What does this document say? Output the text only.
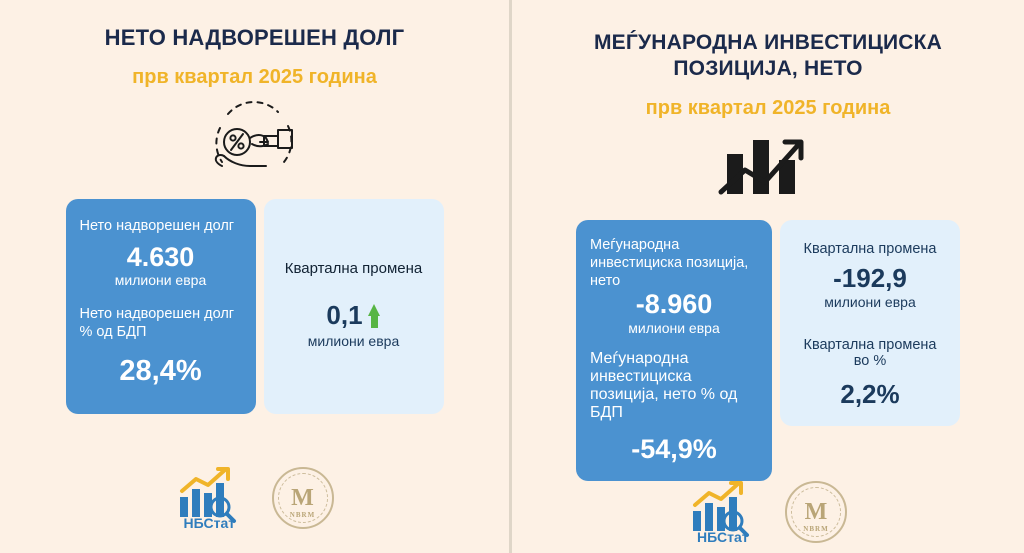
НЕТО НАДВОРЕШЕН ДОЛГ
прв квартал 2025 година
Нето надворешен долг
4.630
милиони евра
Нето надворешен долг % од БДП
28,4%
Квартална промена
0,1
милиони евра
НБСтат
М
NBRM
МЕЃУНАРОДНА ИНВЕСТИЦИСКА ПОЗИЦИЈА, НЕТО
прв квартал 2025 година
Меѓународна инвестициска позиција, нето
-8.960
милиони евра
Меѓународна инвестициска позиција, нето % од БДП
-54,9%
Квартална промена
-192,9
милиони евра
Квартална промена во %
2,2%
НБСтат
М
NBRM
